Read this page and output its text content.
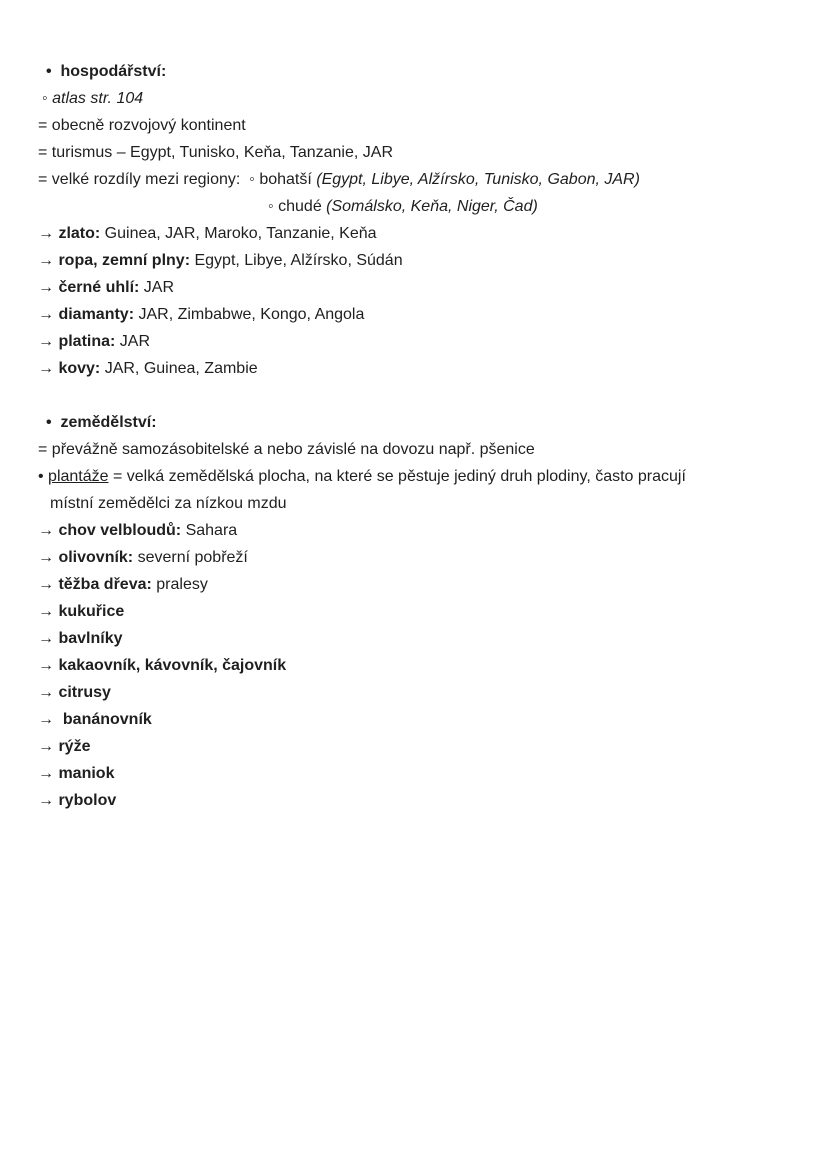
•  hospodářství:
◦ atlas str. 104
= obecně rozvojový kontinent
= turismus – Egypt, Tunisko, Keňa, Tanzanie, JAR
= velké rozdíly mezi regiony:  ◦ bohatší (Egypt, Libye, Alžírsko, Tunisko, Gabon, JAR)
◦ chudé (Somálsko, Keňa, Niger, Čad)
→ zlato: Guinea, JAR, Maroko, Tanzanie, Keňa
→ ropa, zemní plny: Egypt, Libye, Alžírsko, Súdán
→ černé uhlí: JAR
→ diamanty: JAR, Zimbabwe, Kongo, Angola
→ platina: JAR
→ kovy: JAR, Guinea, Zambie
•  zemědělství:
= převážně samozásobitelské a nebo závislé na dovozu např. pšenice
• plantáže = velká zemědělská plocha, na které se pěstuje jediný druh plodiny, často pracují
místní zemědělci za nízkou mzdu
→ chov velbloudů: Sahara
→ olivovník: severní pobřeží
→ těžba dřeva: pralesy
→ kukuřice
→ bavlníky
→ kakaovník, kávovník, čajovník
→ citrusy
→  banánovník
→ rýže
→ maniok
→ rybolov
